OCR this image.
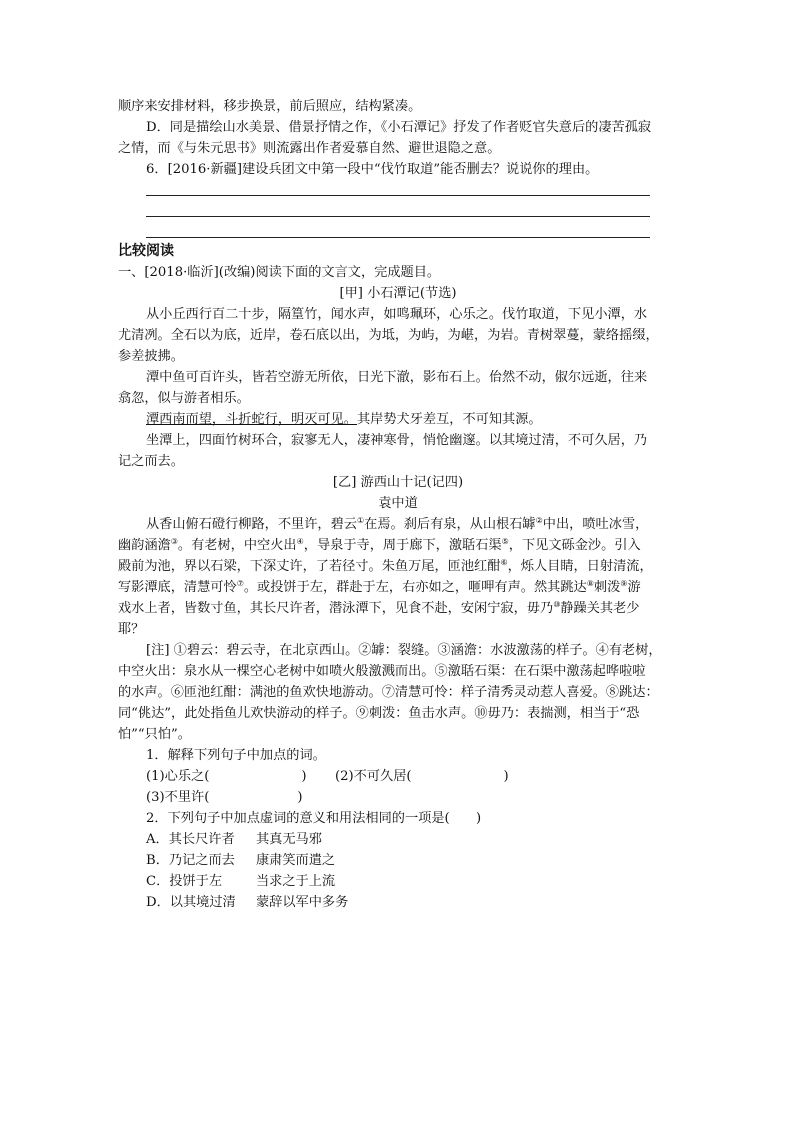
顺序来安排材料，移步换景，前后照应，结构紧凑。
D．同是描绘山水美景、借景抒情之作，《小石潭记》抒发了作者贬官失意后的凄苦孤寂
之情，而《与朱元思书》则流露出作者爱慕自然、避世退隐之意。
6．[2016·新疆]建设兵团文中第一段中“伐竹取道”能否删去？说说你的理由。
比较阅读
一、[2018·临沂](改编)阅读下面的文言文，完成题目。
[甲] 小石潭记(节选)
从小丘西行百二十步，隔篁竹，闻水声，如鸣珮环，心乐之。伐竹取道，下见小潭，水
尤清冽。全石以为底，近岸，卷石底以出，为坻，为屿，为嵁，为岩。青树翠蔓，蒙络摇缀，
参差披拂。
潭中鱼可百许头，皆若空游无所依，日光下澈，影布石上。佁然不动，俶尔远逝，往来
翕忽，似与游者相乐。
潭西南而望，斗折蛇行，明灭可见。其岸势犬牙差互，不可知其源。
坐潭上，四面竹树环合，寂寥无人，凄神寒骨，悄怆幽邃。以其境过清，不可久居，乃
记之而去。
[乙] 游西山十记(记四)
袁中道
从香山俯石磴行柳路，不里许，碧云①在焉。刹后有泉，从山根石罅②中出，喷吐冰雪，
幽韵涵澹③。有老树，中空火出④，导泉于寺，周于廊下，激聒石渠⑤，下见文砾金沙。引入
殿前为池，界以石梁，下深丈许，了若径寸。朱鱼万尾，匝池红酣⑥，烁人目睛，日射清流，
写影潭底，清慧可怜⑦。或投饼于左，群赴于左，右亦如之，咂呷有声。然其跳达⑧刺泼⑨游
戏水上者，皆数寸鱼，其长尺许者，潜泳潭下，见食不赴，安闲宁寂，毋乃⑩静躁关其老少
耶？
[注] ①碧云：碧云寺，在北京西山。②罅：裂缝。③涵澹：水波激荡的样子。④有老树，
中空火出：泉水从一棵空心老树中如喷火般激溅而出。⑤激聒石渠：在石渠中激荡起哗啦啦
的水声。⑥匝池红酣：满池的鱼欢快地游动。⑦清慧可怜：样子清秀灵动惹人喜爱。⑧跳达：
同“佻达”，此处指鱼儿欢快游动的样子。⑨刺泼：鱼击水声。⑩毋乃：表揣测，相当于“恐
怕”“只怕”。
1．解释下列句子中加点的词。
(1)心乐之(	) (2)不可久居(	)
(3)不里许(	)
2．下列句子中加点虚词的意义和用法相同的一项是(　　)
A．其长尺许者 其真无马邪
B．乃记之而去 康肃笑而遣之
C．投饼于左	当求之于上流
D．以其境过清 蒙辞以军中多务
